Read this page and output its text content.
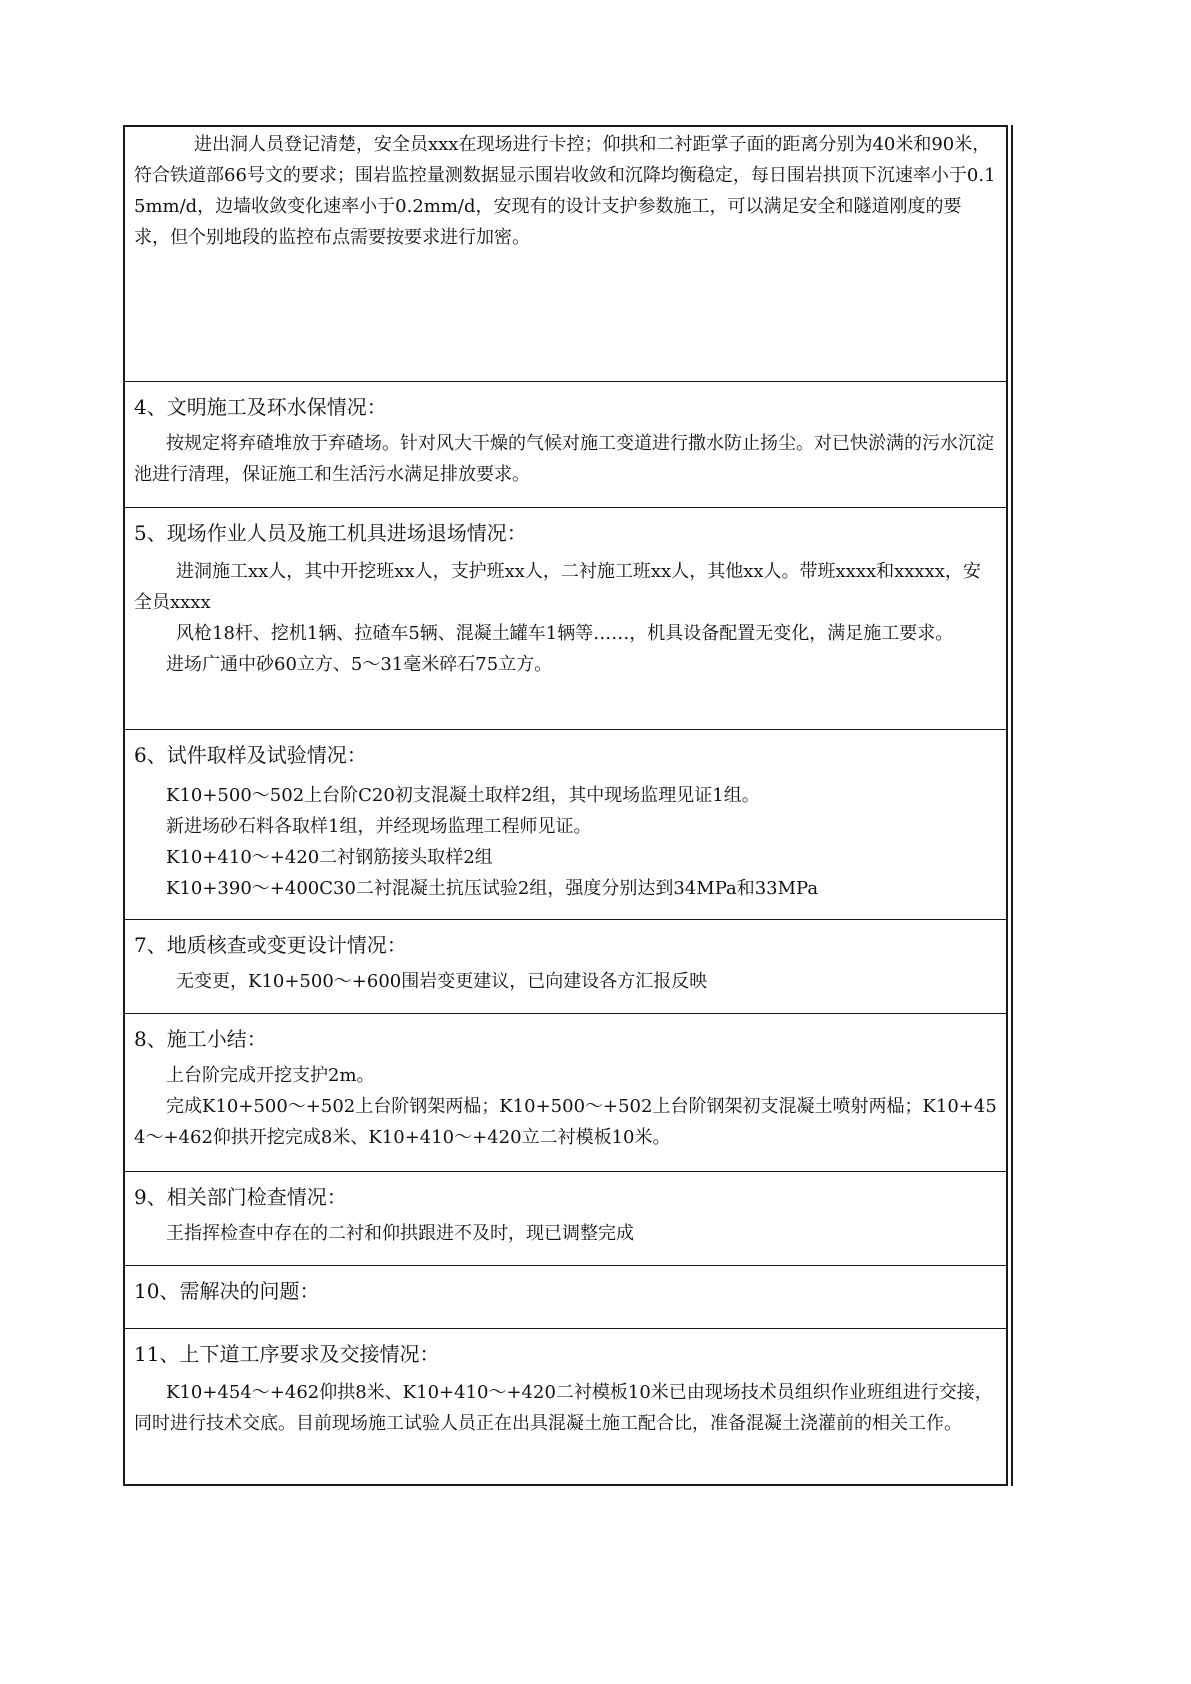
进出洞人员登记清楚，安全员xxx在现场进行卡控；仰拱和二衬距掌子面的距离分别为40米和90米，符合铁道部66号文的要求；围岩监控量测数据显示围岩收敛和沉降均衡稳定，每日围岩拱顶下沉速率小于0.15mm/d，边墙收敛变化速率小于0.2mm/d，安现有的设计支护参数施工，可以满足安全和隧道刚度的要求，但个别地段的监控布点需要按要求进行加密。

4、文明施工及环水保情况：

按规定将弃碴堆放于弃碴场。针对风大干燥的气候对施工变道进行撒水防止扬尘。对已快淤满的污水沉淀池进行清理，保证施工和生活污水满足排放要求。

5、现场作业人员及施工机具进场退场情况：

进洞施工xx人，其中开挖班xx人，支护班xx人，二衬施工班xx人，其他xx人。带班xxxx和xxxxx，安全员xxxx

风枪18杆、挖机1辆、拉碴车5辆、混凝土罐车1辆等……，机具设备配置无变化，满足施工要求。

进场广通中砂60立方、5～31毫米碎石75立方。

6、试件取样及试验情况：

K10+500～502上台阶C20初支混凝土取样2组，其中现场监理见证1组。

新进场砂石料各取样1组，并经现场监理工程师见证。

K10+410～+420二衬钢筋接头取样2组

K10+390～+400C30二衬混凝土抗压试验2组，强度分别达到34MPa和33MPa

7、地质核查或变更设计情况：

无变更，K10+500～+600围岩变更建议，已向建设各方汇报反映

8、施工小结：

上台阶完成开挖支护2m。

完成K10+500～+502上台阶钢架两榀；K10+500～+502上台阶钢架初支混凝土喷射两榀；K10+454～+462仰拱开挖完成8米、K10+410～+420立二衬模板10米。

9、相关部门检查情况：

王指挥检查中存在的二衬和仰拱跟进不及时，现已调整完成

10、需解决的问题：
11、上下道工序要求及交接情况：

K10+454～+462仰拱8米、K10+410～+420二衬模板10米已由现场技术员组织作业班组进行交接，同时进行技术交底。目前现场施工试验人员正在出具混凝土施工配合比，准备混凝土浇灌前的相关工作。
